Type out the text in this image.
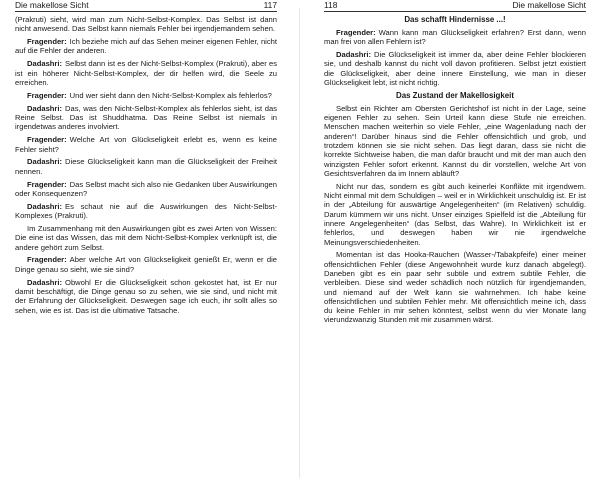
Die makellose Sicht	117
(Prakruti) sieht, wird man zum Nicht-Selbst-Komplex. Das Selbst ist dann nicht anwesend. Das Selbst kann niemals Fehler bei irgendjemandem sehen.
Fragender: Ich beziehe mich auf das Sehen meiner eigenen Fehler, nicht auf die Fehler der anderen.
Dadashri: Selbst dann ist es der Nicht-Selbst-Komplex (Prakruti), aber es ist ein höherer Nicht-Selbst-Komplex, der dir helfen wird, die Seele zu erreichen.
Fragender: Und wer sieht dann den Nicht-Selbst-Komplex als fehlerlos?
Dadashri: Das, was den Nicht-Selbst-Komplex als fehlerlos sieht, ist das Reine Selbst. Das ist Shuddhatma. Das Reine Selbst ist niemals in irgendetwas anderes involviert.
Fragender: Welche Art von Glückseligkeit erlebt es, wenn es keine Fehler sieht?
Dadashri: Diese Glückseligkeit kann man die Glückseligkeit der Freiheit nennen.
Fragender: Das Selbst macht sich also nie Gedanken über Auswirkungen oder Konsequenzen?
Dadashri: Es schaut nie auf die Auswirkungen des Nicht-Selbst-Komplexes (Prakruti).
Im Zusammenhang mit den Auswirkungen gibt es zwei Arten von Wissen: Die eine ist das Wissen, das mit dem Nicht-Selbst-Komplex verknüpft ist, die andere gehört zum Selbst.
Fragender: Aber welche Art von Glückseligkeit genießt Er, wenn er die Dinge genau so sieht, wie sie sind?
Dadashri: Obwohl Er die Glückseligkeit schon gekostet hat, ist Er nur damit beschäftigt, die Dinge genau so zu sehen, wie sie sind, und nicht mit der Erfahrung der Glückseligkeit. Deswegen sage ich euch, ihr sollt alles so sehen, wie es ist. Das ist die ultimative Tatsache.
118	Die makellose Sicht
Das schafft Hindernisse ...!
Fragender: Wann kann man Glückseligkeit erfahren? Erst dann, wenn man frei von allen Fehlern ist?
Dadashri: Die Glückseligkeit ist immer da, aber deine Fehler blockieren sie, und deshalb kannst du nicht voll davon profitieren. Selbst jetzt existiert die Glückseligkeit, aber deine innere Einstellung, wie man in dieser Glückseligkeit lebt, ist nicht richtig.
Das Zustand der Makellosigkeit
Selbst ein Richter am Obersten Gerichtshof ist nicht in der Lage, seine eigenen Fehler zu sehen. Sein Urteil kann diese Stufe nie erreichen. Menschen machen weiterhin so viele Fehler, „eine Wagenladung nach der anderen“! Darüber hinaus sind die Fehler offensichtlich und grob, und trotzdem können sie sie nicht sehen. Das liegt daran, dass sie nicht die korrekte Sichtweise haben, die man dafür braucht und mit der man auch den winzigsten Fehler sofort erkennt. Kannst du dir vorstellen, welche Art von Gesichtsverfahren da im Innern abläuft?
Nicht nur das, sondern es gibt auch keinerlei Konflikte mit irgendwem. Nicht einmal mit dem Schuldigen – weil er in Wirklichkeit unschuldig ist. Er ist in der „Abteilung für auswärtige Angelegenheiten“ (im Relativen) schuldig. Darum kümmern wir uns nicht. Unser einziges Spielfeld ist die „Abteilung für innere Angelegenheiten“ (das Selbst, das Wahre). In Wirklichkeit ist er fehlerlos, und deswegen haben wir nie irgendwelche Meinungsverschiedenheiten.
Momentan ist das Hooka-Rauchen (Wasser-/Tabakpfeife) einer meiner offensichtlichen Fehler (diese Angewohnheit wurde kurz danach abgelegt). Daneben gibt es ein paar sehr subtile und extrem subtile Fehler, die verbleiben. Diese sind weder schädlich noch nützlich für irgendjemanden, und niemand auf der Welt kann sie wahrnehmen. Ich habe keine offensichtlichen und subtilen Fehler mehr. Mit offensichtlich meine ich, dass du keine Fehler in mir sehen könntest, selbst wenn du vier Monate lang vierundzwanzig Stunden mit mir zusammen wärst.
